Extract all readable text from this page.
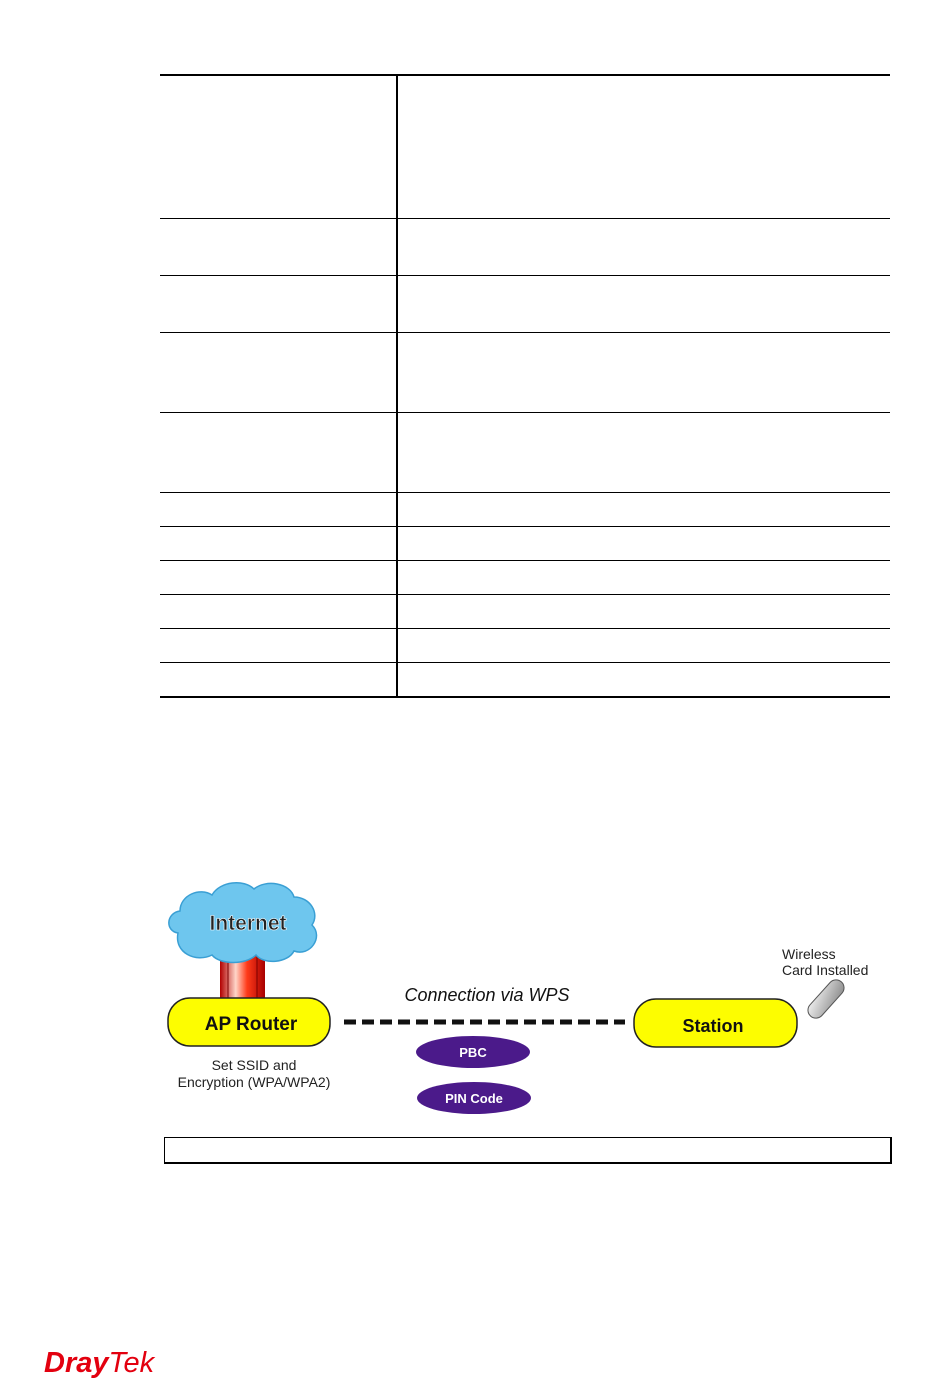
Internet
AP Router
Set SSID and
Encryption (WPA/WPA2)
Connection via WPS
PBC
PIN Code
Station
Wireless
Card Installed
DrayTek
